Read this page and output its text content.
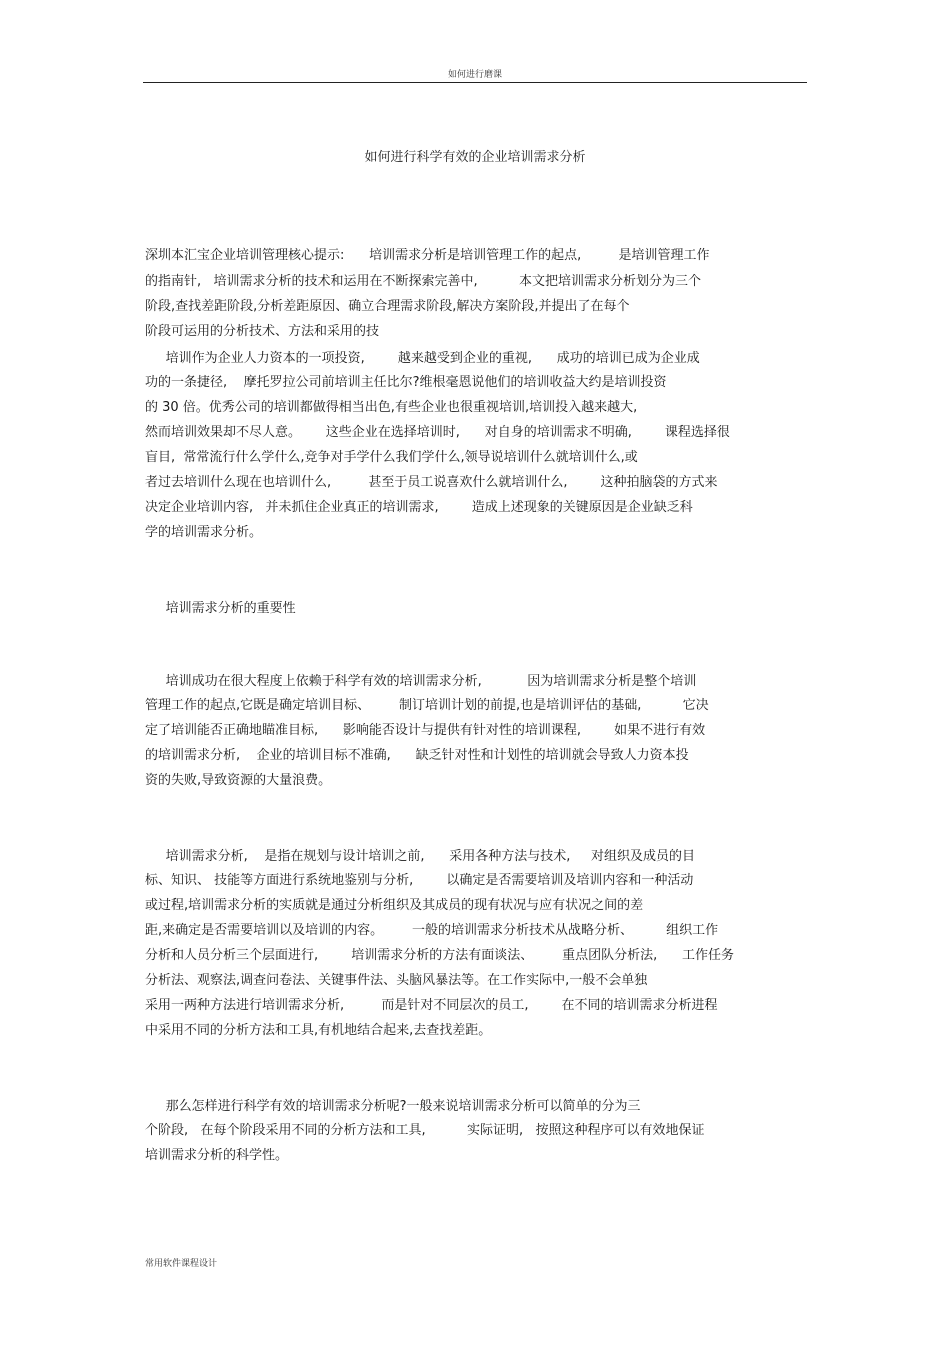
如何进行磨课
如何进行科学有效的企业培训需求分析
深圳本汇宝企业培训管理核心提示:      培训需求分析是培训管理工作的起点,         是培训管理工作
的指南针,   培训需求分析的技术和运用在不断探索完善中,          本文把培训需求分析划分为三个
阶段,查找差距阶段,分析差距原因、确立合理需求阶段,解决方案阶段,并提出了在每个
阶段可运用的分析技术、方法和采用的技
培训作为企业人力资本的一项投资,        越来越受到企业的重视,      成功的培训已成为企业成
功的一条捷径,    摩托罗拉公司前培训主任比尔?维根毫恩说他们的培训收益大约是培训投资
的 30 倍。优秀公司的培训都做得相当出色,有些企业也很重视培训,培训投入越来越大,
然而培训效果却不尽人意。      这些企业在选择培训时,      对自身的培训需求不明确,        课程选择很
盲目,  常常流行什么学什么,竞争对手学什么我们学什么,领导说培训什么就培训什么,或
者过去培训什么现在也培训什么,         甚至于员工说喜欢什么就培训什么,        这种拍脑袋的方式来
决定企业培训内容,   并未抓住企业真正的培训需求,        造成上述现象的关键原因是企业缺乏科
学的培训需求分析。
培训需求分析的重要性
培训成功在很大程度上依赖于科学有效的培训需求分析,           因为培训需求分析是整个培训
管理工作的起点,它既是确定培训目标、       制订培训计划的前提,也是培训评估的基础,          它决
定了培训能否正确地瞄准目标,      影响能否设计与提供有针对性的培训课程,        如果不进行有效
的培训需求分析,    企业的培训目标不准确,      缺乏针对性和计划性的培训就会导致人力资本投
资的失败,导致资源的大量浪费。
培训需求分析,    是指在规划与设计培训之前,      采用各种方法与技术,     对组织及成员的目
标、知识、 技能等方面进行系统地鉴别与分析,        以确定是否需要培训及培训内容和一种活动
或过程,培训需求分析的实质就是通过分析组织及其成员的现有状况与应有状况之间的差
距,来确定是否需要培训以及培训的内容。       一般的培训需求分析技术从战略分析、        组织工作
分析和人员分析三个层面进行,        培训需求分析的方法有面谈法、       重点团队分析法,      工作任务
分析法、观察法,调查问卷法、关键事件法、头脑风暴法等。在工作实际中,一般不会单独
采用一两种方法进行培训需求分析,         而是针对不同层次的员工,        在不同的培训需求分析进程
中采用不同的分析方法和工具,有机地结合起来,去查找差距。
那么怎样进行科学有效的培训需求分析呢?一般来说培训需求分析可以简单的分为三
个阶段,   在每个阶段采用不同的分析方法和工具,          实际证明,   按照这种程序可以有效地保证
培训需求分析的科学性。
常用软件课程设计
